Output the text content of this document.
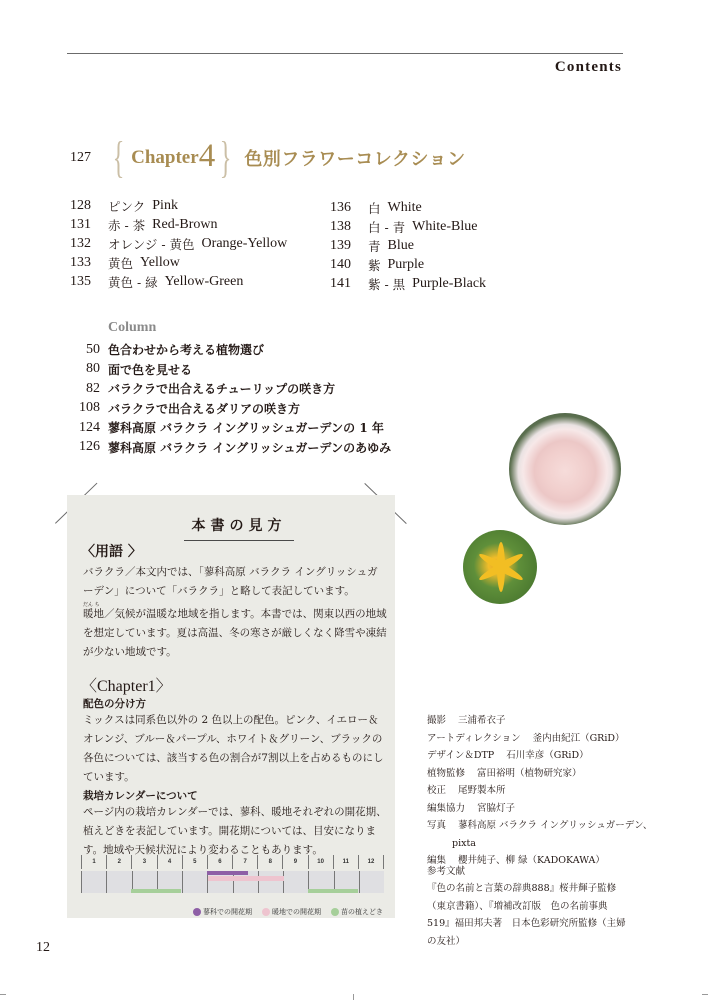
Contents
127 { Chapter 4 } 色別フラワーコレクション
128	ピンク Pink
131	赤 - 茶 Red-Brown
132	オレンジ - 黄色 Orange-Yellow
133	黄色 Yellow
135	黄色 - 緑 Yellow-Green
136	白 White
138	白 - 青 White-Blue
139	青 Blue
140	紫 Purple
141	紫 - 黒 Purple-Black
Column
50 色合わせから考える植物選び
80 面で色を見せる
82 バラクラで出合えるチューリップの咲き方
108 バラクラで出合えるダリアの咲き方
124 蓼科高原 バラクラ イングリッシュガーデンの 1 年
126 蓼科高原 バラクラ イングリッシュガーデンのあゆみ
本書の見方
〈用語 〉
バラクラ／本文内では、「蓼科高原 バラクラ イングリッシュガーデン」について「バラクラ」と略して表記しています。
だん ち
暖地／気候が温暖な地域を指します。本書では、関東以西の地域を想定しています。夏は高温、冬の寒さが厳しくなく降雪や凍結が少ない地域です。
〈Chapter1〉
配色の分け方
ミックスは同系色以外の 2 色以上の配色。ピンク、イエロー＆オレンジ、ブルー＆パープル、ホワイト＆グリーン、ブラックの各色については、該当する色の割合が7割以上を占めるものにしています。
栽培カレンダーについて
ページ内の栽培カレンダーでは、蓼科、暖地それぞれの開花期、植えどきを表記しています。開花期については、目安になります。地域や天候状況により変わることもあります。
1	2	3	4	5	6	7	8	9	10	11	12
蓼科での開花期	暖地での開花期	苗の植えどき
撮影 三浦希衣子
アートディレクション 釜内由紀江（GRiD）
デザイン＆DTP 石川幸彦（GRiD）
植物監修 富田裕明（植物研究家）
校正 尾野製本所
編集協力 宮脇灯子
写真 蓼科高原 バラクラ イングリッシュガーデン、
pixta
編集 櫻井純子、柳 緑（KADOKAWA）
参考文献
『色の名前と言葉の辞典888』桜井輝子監修（東京書籍）、『増補改訂版　色の名前事典519』福田邦夫著　日本色彩研究所監修（主婦の友社）
12
